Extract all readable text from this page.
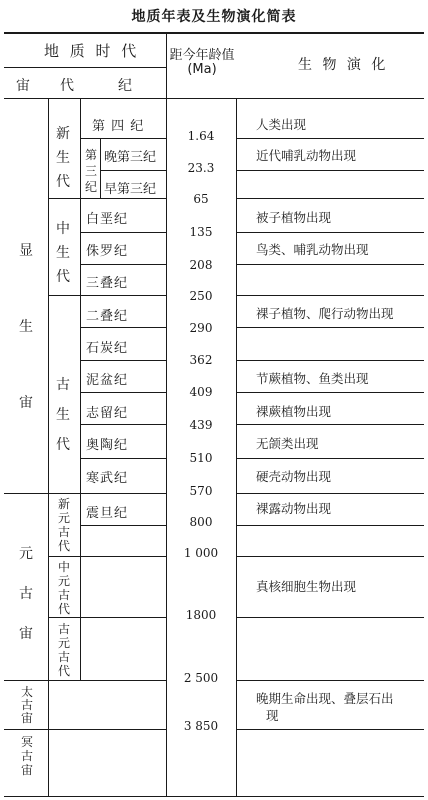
地质年表及生物演化简表
地 质 时 代
宙 代	纪
距今年龄值
(Ma)	生 物 演 化
显生宙
元古宙
太古宙
冥古宙
新生代
第三纪
中生代
古生代
新元古代
中元古代
古元古代
第 四 纪
晚第三纪
早第三纪
白垩纪
侏罗纪
三叠纪
二叠纪
石炭纪
泥盆纪
志留纪
奥陶纪
寒武纪
震旦纪
1.64
23.3
65
135
208
250
290
362
409
439
510
570
800
1 000
1800
2 500
3 850
人类出现
近代哺乳动物出现
被子植物出现
鸟类、哺乳动物出现
裸子植物、爬行动物出现
节蕨植物、鱼类出现
裸蕨植物出现
无颌类出现
硬壳动物出现
裸露动物出现
真核细胞生物出现
晚期生命出现、叠层石出
现
